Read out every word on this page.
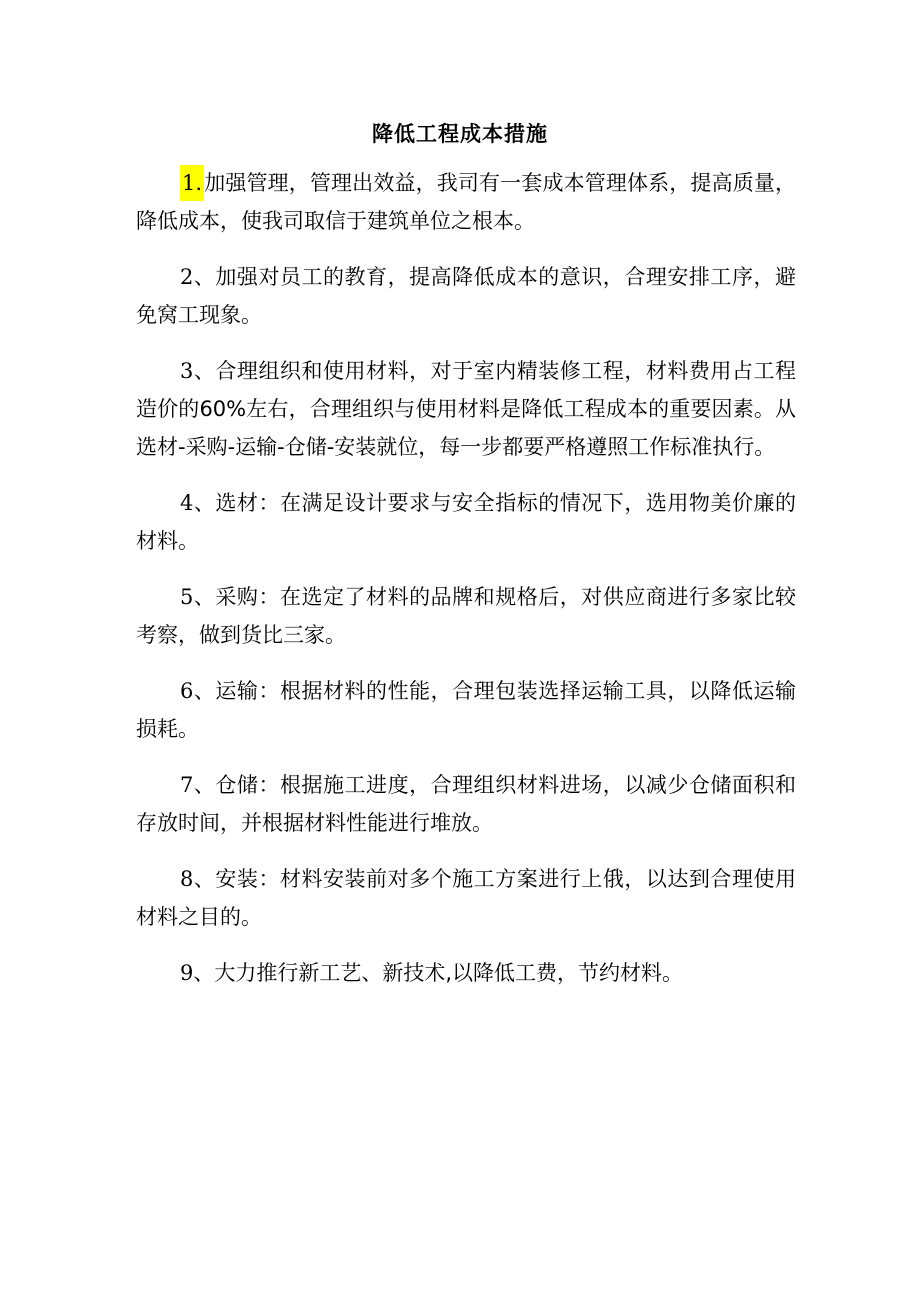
降低工程成本措施

1.加强管理，管理出效益，我司有一套成本管理体系，提高质量，降低成本，使我司取信于建筑单位之根本。

2、加强对员工的教育，提高降低成本的意识，合理安排工序，避免窝工现象。

3、合理组织和使用材料，对于室内精装修工程，材料费用占工程造价的60%左右，合理组织与使用材料是降低工程成本的重要因素。从选材-采购-运输-仓储-安装就位，每一步都要严格遵照工作标准执行。

4、选材：在满足设计要求与安全指标的情况下，选用物美价廉的材料。

5、采购：在选定了材料的品牌和规格后，对供应商进行多家比较考察，做到货比三家。

6、运输：根据材料的性能，合理包装选择运输工具，以降低运输损耗。

7、仓储：根据施工进度，合理组织材料进场，以减少仓储面积和存放时间，并根据材料性能进行堆放。

8、安装：材料安装前对多个施工方案进行上俄，以达到合理使用材料之目的。

9、大力推行新工艺、新技术,以降低工费，节约材料。
